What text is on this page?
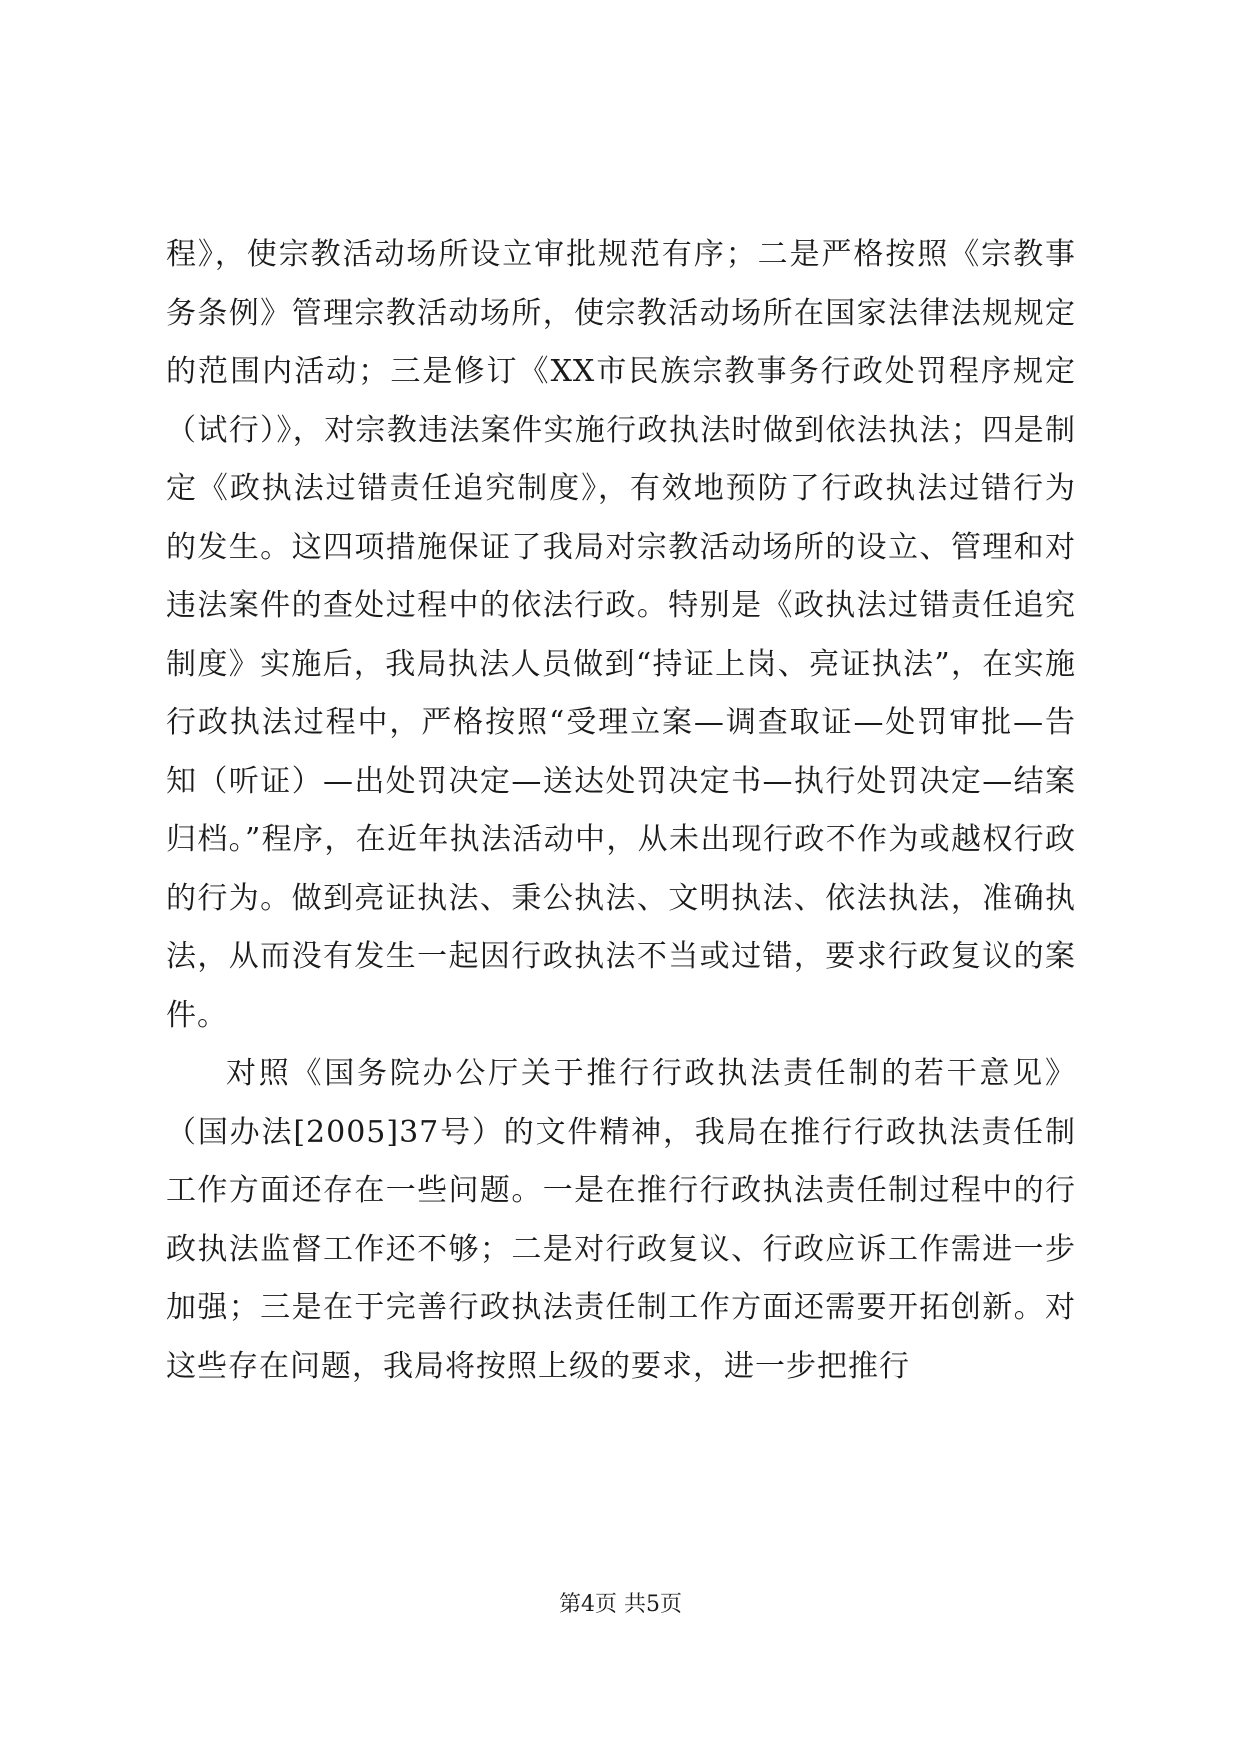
程》，使宗教活动场所设立审批规范有序；二是严格按照《宗教事务条例》管理宗教活动场所，使宗教活动场所在国家法律法规规定的范围内活动；三是修订《XX市民族宗教事务行政处罚程序规定（试行）》，对宗教违法案件实施行政执法时做到依法执法；四是制定《政执法过错责任追究制度》，有效地预防了行政执法过错行为的发生。这四项措施保证了我局对宗教活动场所的设立、管理和对违法案件的查处过程中的依法行政。特别是《政执法过错责任追究制度》实施后，我局执法人员做到“持证上岗、亮证执法”，在实施行政执法过程中，严格按照“受理立案—调查取证—处罚审批—告知（听证）—出处罚决定—送达处罚决定书—执行处罚决定—结案归档。”程序，在近年执法活动中，从未出现行政不作为或越权行政的行为。做到亮证执法、秉公执法、文明执法、依法执法，准确执法，从而没有发生一起因行政执法不当或过错，要求行政复议的案件。

对照《国务院办公厅关于推行行政执法责任制的若干意见》（国办法[2005]37号）的文件精神，我局在推行行政执法责任制工作方面还存在一些问题。一是在推行行政执法责任制过程中的行政执法监督工作还不够；二是对行政复议、行政应诉工作需进一步加强；三是在于完善行政执法责任制工作方面还需要开拓创新。对这些存在问题，我局将按照上级的要求，进一步把推行

第4页 共5页
